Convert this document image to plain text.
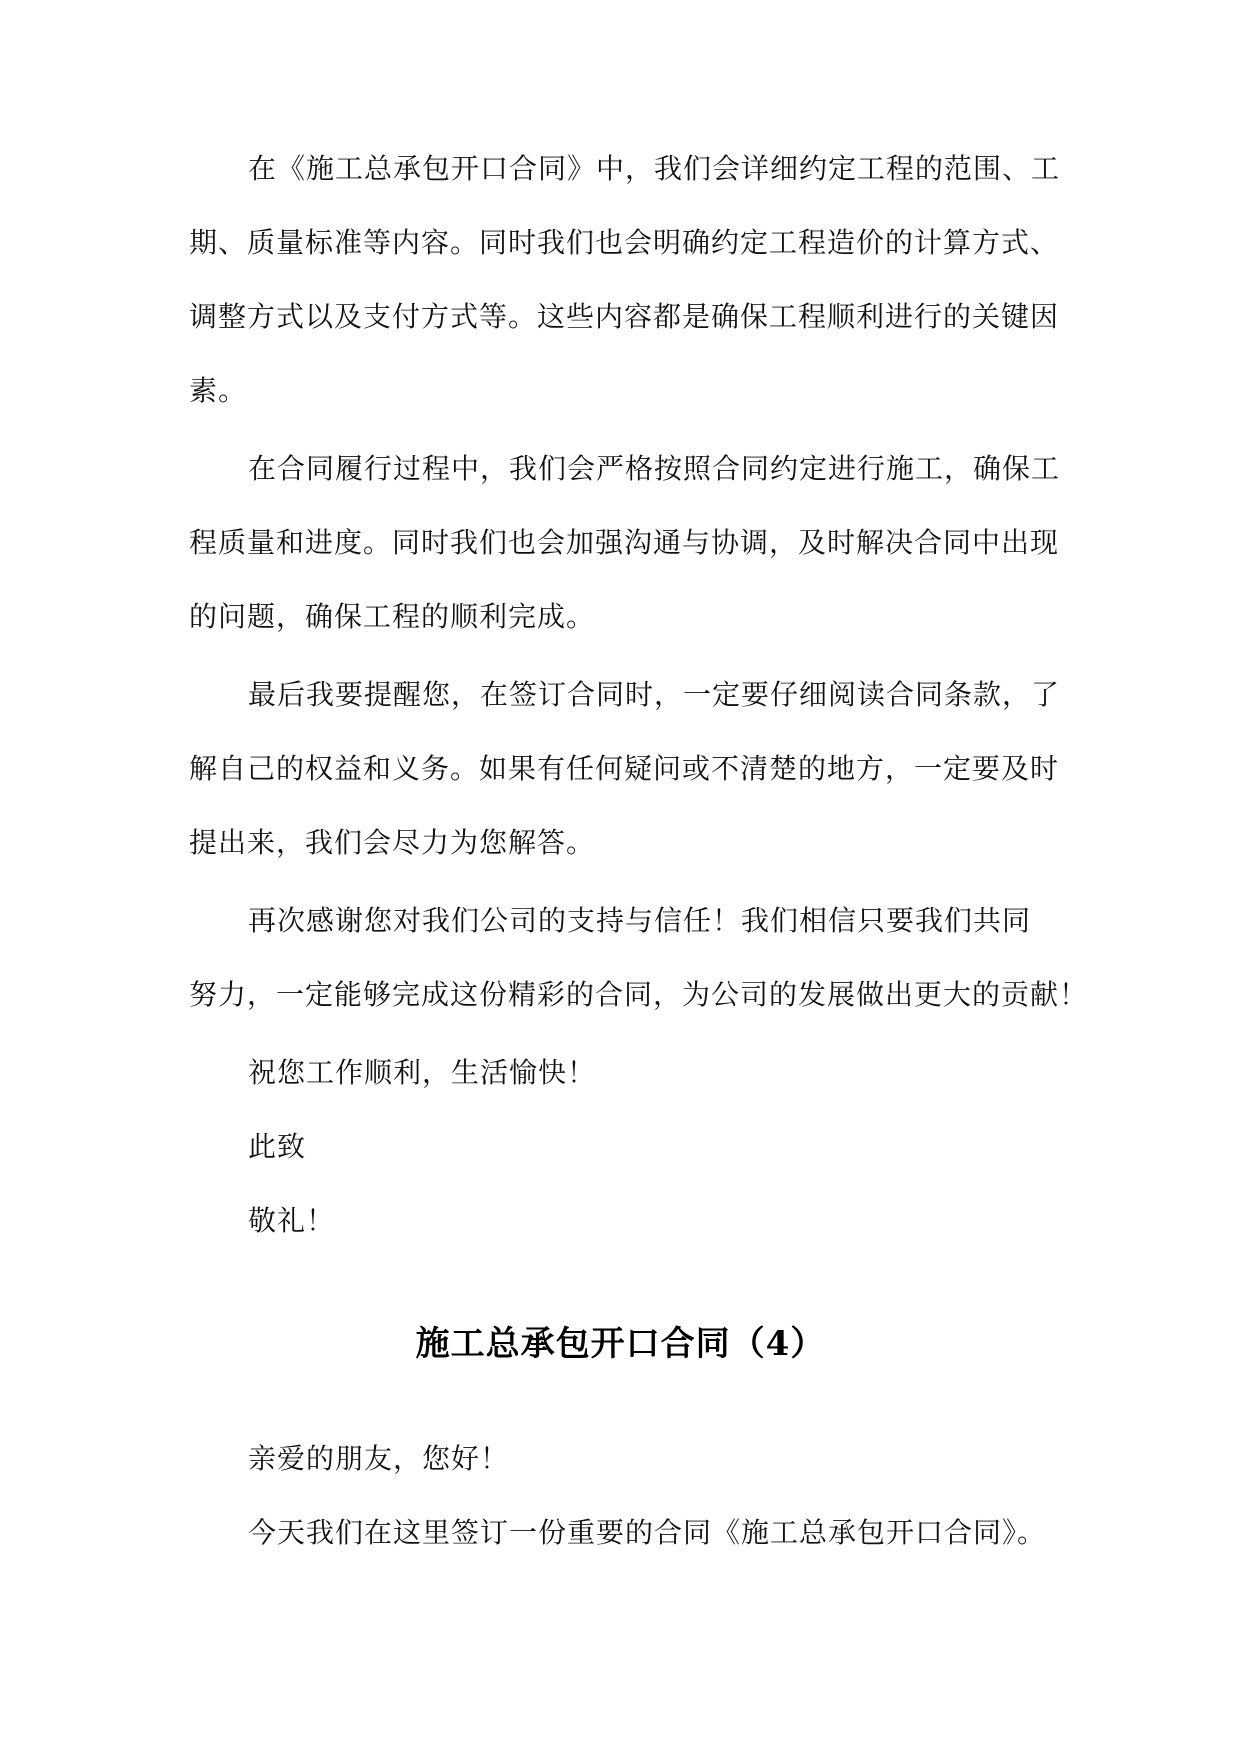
在《施工总承包开口合同》中，我们会详细约定工程的范围、工
期、质量标准等内容。同时我们也会明确约定工程造价的计算方式、
调整方式以及支付方式等。这些内容都是确保工程顺利进行的关键因
素。
在合同履行过程中，我们会严格按照合同约定进行施工，确保工
程质量和进度。同时我们也会加强沟通与协调，及时解决合同中出现
的问题，确保工程的顺利完成。
最后我要提醒您，在签订合同时，一定要仔细阅读合同条款，了
解自己的权益和义务。如果有任何疑问或不清楚的地方，一定要及时
提出来，我们会尽力为您解答。
再次感谢您对我们公司的支持与信任！我们相信只要我们共同
努力，一定能够完成这份精彩的合同，为公司的发展做出更大的贡献！
祝您工作顺利，生活愉快！
此致
敬礼！
施工总承包开口合同（4）
亲爱的朋友，您好！
今天我们在这里签订一份重要的合同《施工总承包开口合同》。
